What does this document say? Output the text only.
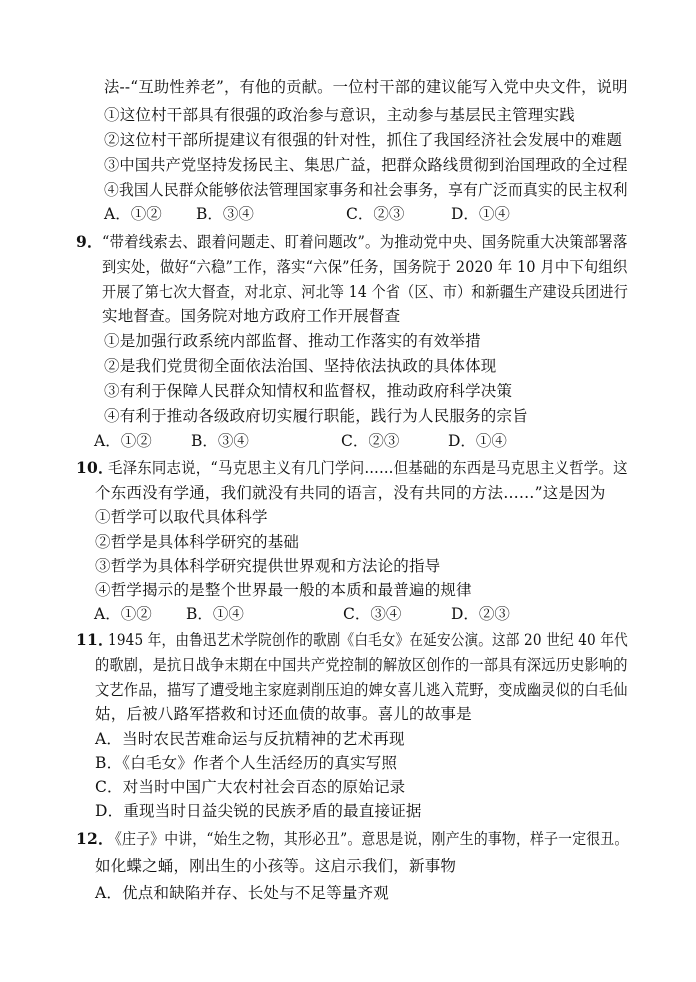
法--“互助性养老”，有他的贡献。一位村干部的建议能写入党中央文件，说明
①这位村干部具有很强的政治参与意识，主动参与基层民主管理实践
②这位村干部所提建议有很强的针对性，抓住了我国经济社会发展中的难题
③中国共产党坚持发扬民主、集思广益，把群众路线贯彻到治国理政的全过程
④我国人民群众能够依法管理国家事务和社会事务，享有广泛而真实的民主权利
A．①② B．③④	C．②③	D．①④
9． “带着线索去、跟着问题走、盯着问题改”。为推动党中央、国务院重大决策部署落
到实处，做好“六稳”工作，落实“六保”任务，国务院于 2020 年 10 月中下旬组织
开展了第七次大督查，对北京、河北等 14 个省（区、市）和新疆生产建设兵团进行
实地督查。国务院对地方政府工作开展督查
①是加强行政系统内部监督、推动工作落实的有效举措
②是我们党贯彻全面依法治国、坚持依法执政的具体体现
③有利于保障人民群众知情权和监督权，推动政府科学决策
④有利于推动各级政府切实履行职能，践行为人民服务的宗旨
A．①②	B．③④	C．②③	D．①④
10．
毛泽东同志说，“马克思主义有几门学问……但基础的东西是马克思主义哲学。这
个东西没有学通，我们就没有共同的语言，没有共同的方法……”这是因为
①哲学可以取代具体科学
②哲学是具体科学研究的基础
③哲学为具体科学研究提供世界观和方法论的指导
④哲学揭示的是整个世界最一般的本质和最普遍的规律
A．①② B．①④	C．③④	D．②③
11．
1945 年，由鲁迅艺术学院创作的歌剧《白毛女》在延安公演。这部 20 世纪 40 年代
的歌剧，是抗日战争末期在中国共产党控制的解放区创作的一部具有深远历史影响的
文艺作品，描写了遭受地主家庭剥削压迫的婢女喜儿逃入荒野，变成幽灵似的白毛仙
姑，后被八路军搭救和讨还血债的故事。喜儿的故事是
A．当时农民苦难命运与反抗精神的艺术再现
B．《白毛女》作者个人生活经历的真实写照
C．对当时中国广大农村社会百态的原始记录
D．重现当时日益尖锐的民族矛盾的最直接证据
12．
《庄子》中讲，“始生之物，其形必丑”。意思是说，刚产生的事物，样子一定很丑。
如化蝶之蛹，刚出生的小孩等。这启示我们，新事物
A．优点和缺陷并存、长处与不足等量齐观
